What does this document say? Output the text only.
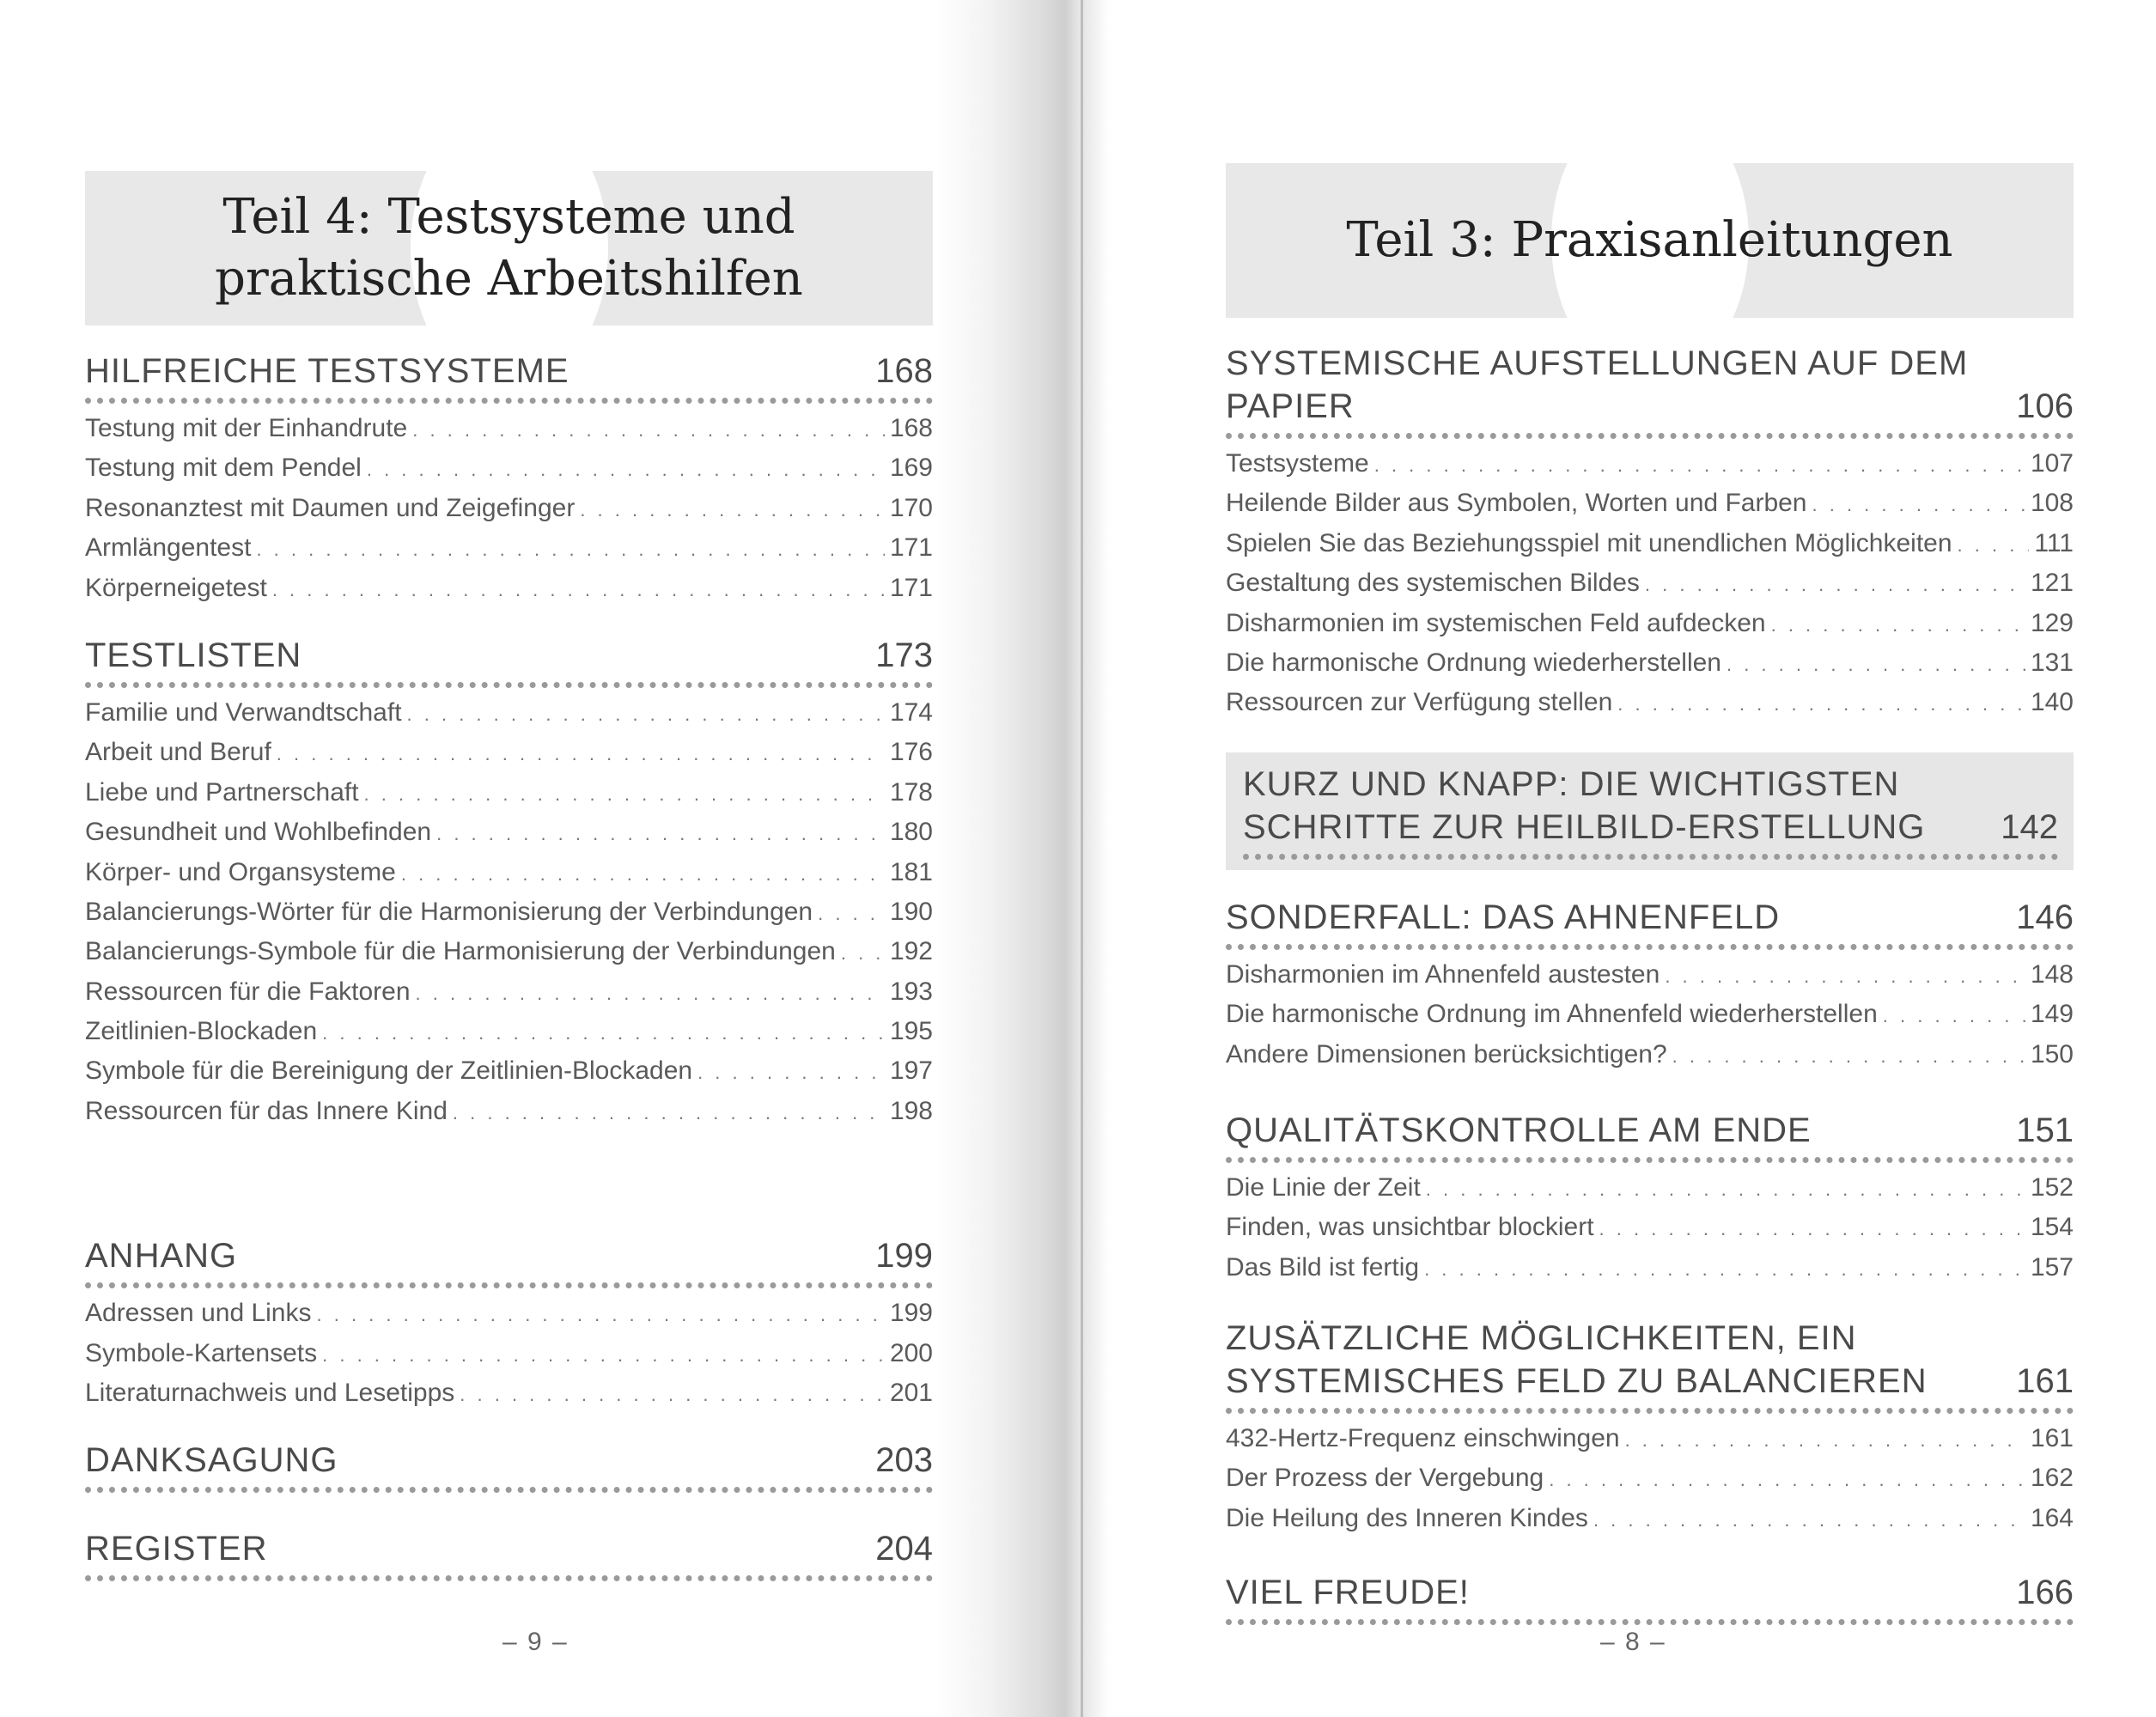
Teil 4: Testsysteme und
praktische Arbeitshilfen
HILFREICHE TESTSYSTEME	168
Testung mit der Einhandrute . . .	168
Testung mit dem Pendel . . .	169
Resonanztest mit Daumen und Zeigefinger . . .	170
Armlängentest . . .	171
Körperneigetest . . .	171
TESTLISTEN	173
Familie und Verwandtschaft . . .	174
Arbeit und Beruf . . .	176
Liebe und Partnerschaft . . .	178
Gesundheit und Wohlbefinden . . .	180
Körper- und Organsysteme . . .	181
Balancierungs-Wörter für die Harmonisierung der Verbindungen . . .	190
Balancierungs-Symbole für die Harmonisierung der Verbindungen . . . 192
Ressourcen für die Faktoren . . .	193
Zeitlinien-Blockaden . . .	195
Symbole für die Bereinigung der Zeitlinien-Blockaden . . .	197
Ressourcen für das Innere Kind . . .	198
ANHANG	199
Adressen und Links . . .	199
Symbole-Kartensets . . .	200
Literaturnachweis und Lesetipps . . .	201
DANKSAGUNG	203
REGISTER	204
– 9 –
Teil 3: Praxisanleitungen
SYSTEMISCHE AUFSTELLUNGEN AUF DEM PAPIER	106
Testsysteme . . .	107
Heilende Bilder aus Symbolen, Worten und Farben . . .	108
Spielen Sie das Beziehungsspiel mit unendlichen Möglichkeiten . . .	111
Gestaltung des systemischen Bildes . . .	121
Disharmonien im systemischen Feld aufdecken . . .	129
Die harmonische Ordnung wiederherstellen . . .	131
Ressourcen zur Verfügung stellen . . .	140
KURZ UND KNAPP: DIE WICHTIGSTEN
SCHRITTE ZUR HEILBILD-ERSTELLUNG 142
SONDERFALL: DAS AHNENFELD	146
Disharmonien im Ahnenfeld austesten . . .	148
Die harmonische Ordnung im Ahnenfeld wiederherstellen . . .	149
Andere Dimensionen berücksichtigen? . . .	150
QUALITÄTSKONTROLLE AM ENDE	151
Die Linie der Zeit . . .	152
Finden, was unsichtbar blockiert . . .	154
Das Bild ist fertig . . .	157
ZUSÄTZLICHE MÖGLICHKEITEN, EIN
SYSTEMISCHES FELD ZU BALANCIEREN	161
432-Hertz-Frequenz einschwingen . . .	161
Der Prozess der Vergebung . . .	162
Die Heilung des Inneren Kindes . . .	164
VIEL FREUDE!	166
– 8 –
